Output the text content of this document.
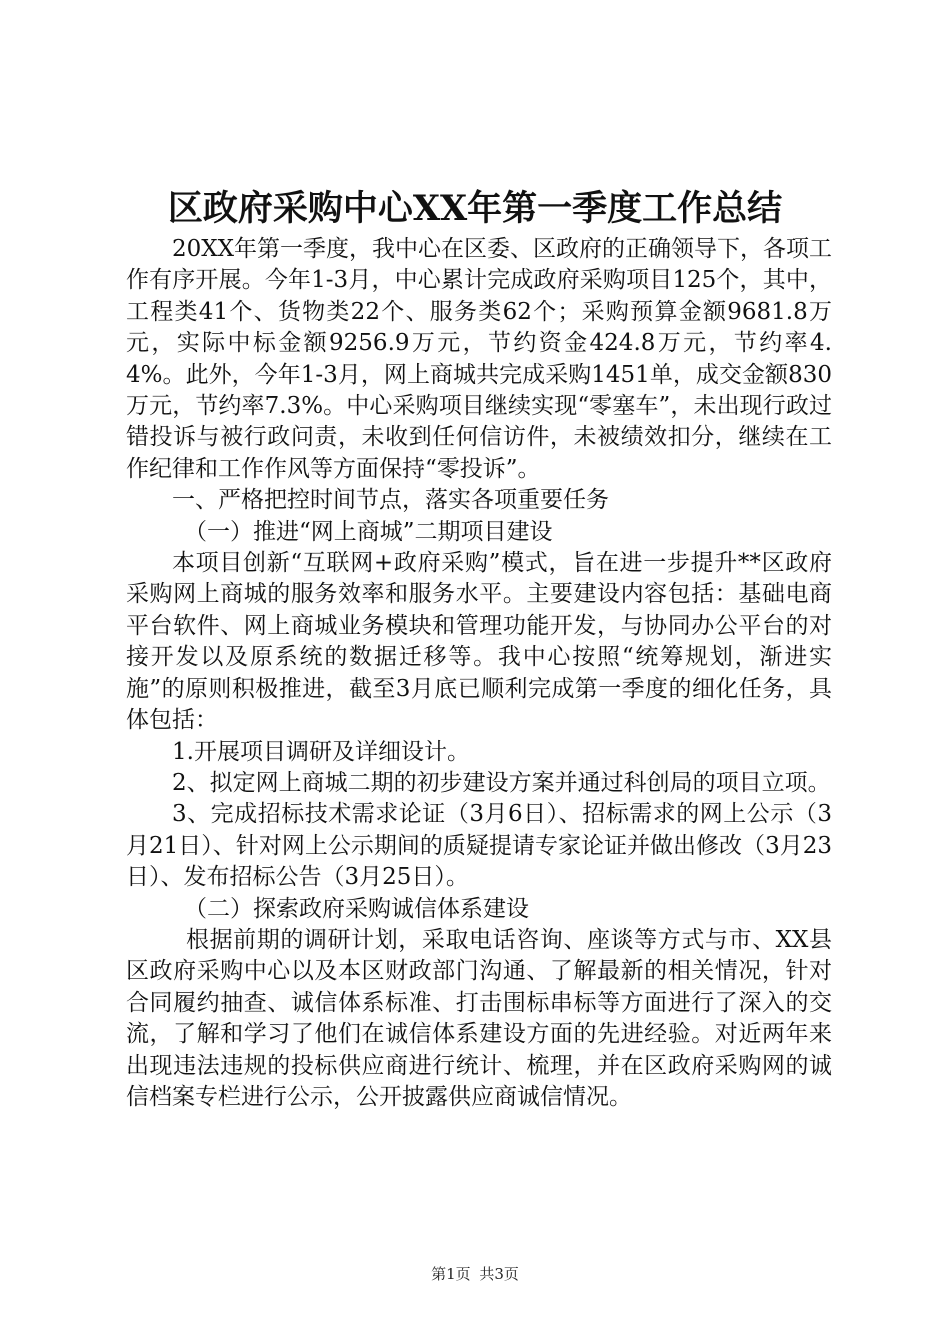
区政府采购中心XX年第一季度工作总结

20XX年第一季度，我中心在区委、区政府的正确领导下，各项工作有序开展。今年1-3月，中心累计完成政府采购项目125个，其中，工程类41个、货物类22个、服务类62个；采购预算金额9681.8万元，实际中标金额9256.9万元，节约资金424.8万元，节约率4.4%。此外，今年1-3月，网上商城共完成采购1451单，成交金额830万元，节约率7.3%。中心采购项目继续实现“零塞车”，未出现行政过错投诉与被行政问责，未收到任何信访件，未被绩效扣分，继续在工作纪律和工作作风等方面保持“零投诉”。

一、严格把控时间节点，落实各项重要任务

（一）推进“网上商城”二期项目建设

本项目创新“互联网+政府采购”模式，旨在进一步提升**区政府采购网上商城的服务效率和服务水平。主要建设内容包括：基础电商平台软件、网上商城业务模块和管理功能开发，与协同办公平台的对接开发以及原系统的数据迁移等。我中心按照“统筹规划，渐进实施”的原则积极推进，截至3月底已顺利完成第一季度的细化任务，具体包括：

1.开展项目调研及详细设计。

2、拟定网上商城二期的初步建设方案并通过科创局的项目立项。

3、完成招标技术需求论证（3月6日）、招标需求的网上公示（3月21日）、针对网上公示期间的质疑提请专家论证并做出修改（3月23日）、发布招标公告（3月25日）。

（二）探索政府采购诚信体系建设

根据前期的调研计划，采取电话咨询、座谈等方式与市、XX县区政府采购中心以及本区财政部门沟通、了解最新的相关情况，针对合同履约抽查、诚信体系标准、打击围标串标等方面进行了深入的交流，了解和学习了他们在诚信体系建设方面的先进经验。对近两年来出现违法违规的投标供应商进行统计、梳理，并在区政府采购网的诚信档案专栏进行公示，公开披露供应商诚信情况。

第1页 共3页
